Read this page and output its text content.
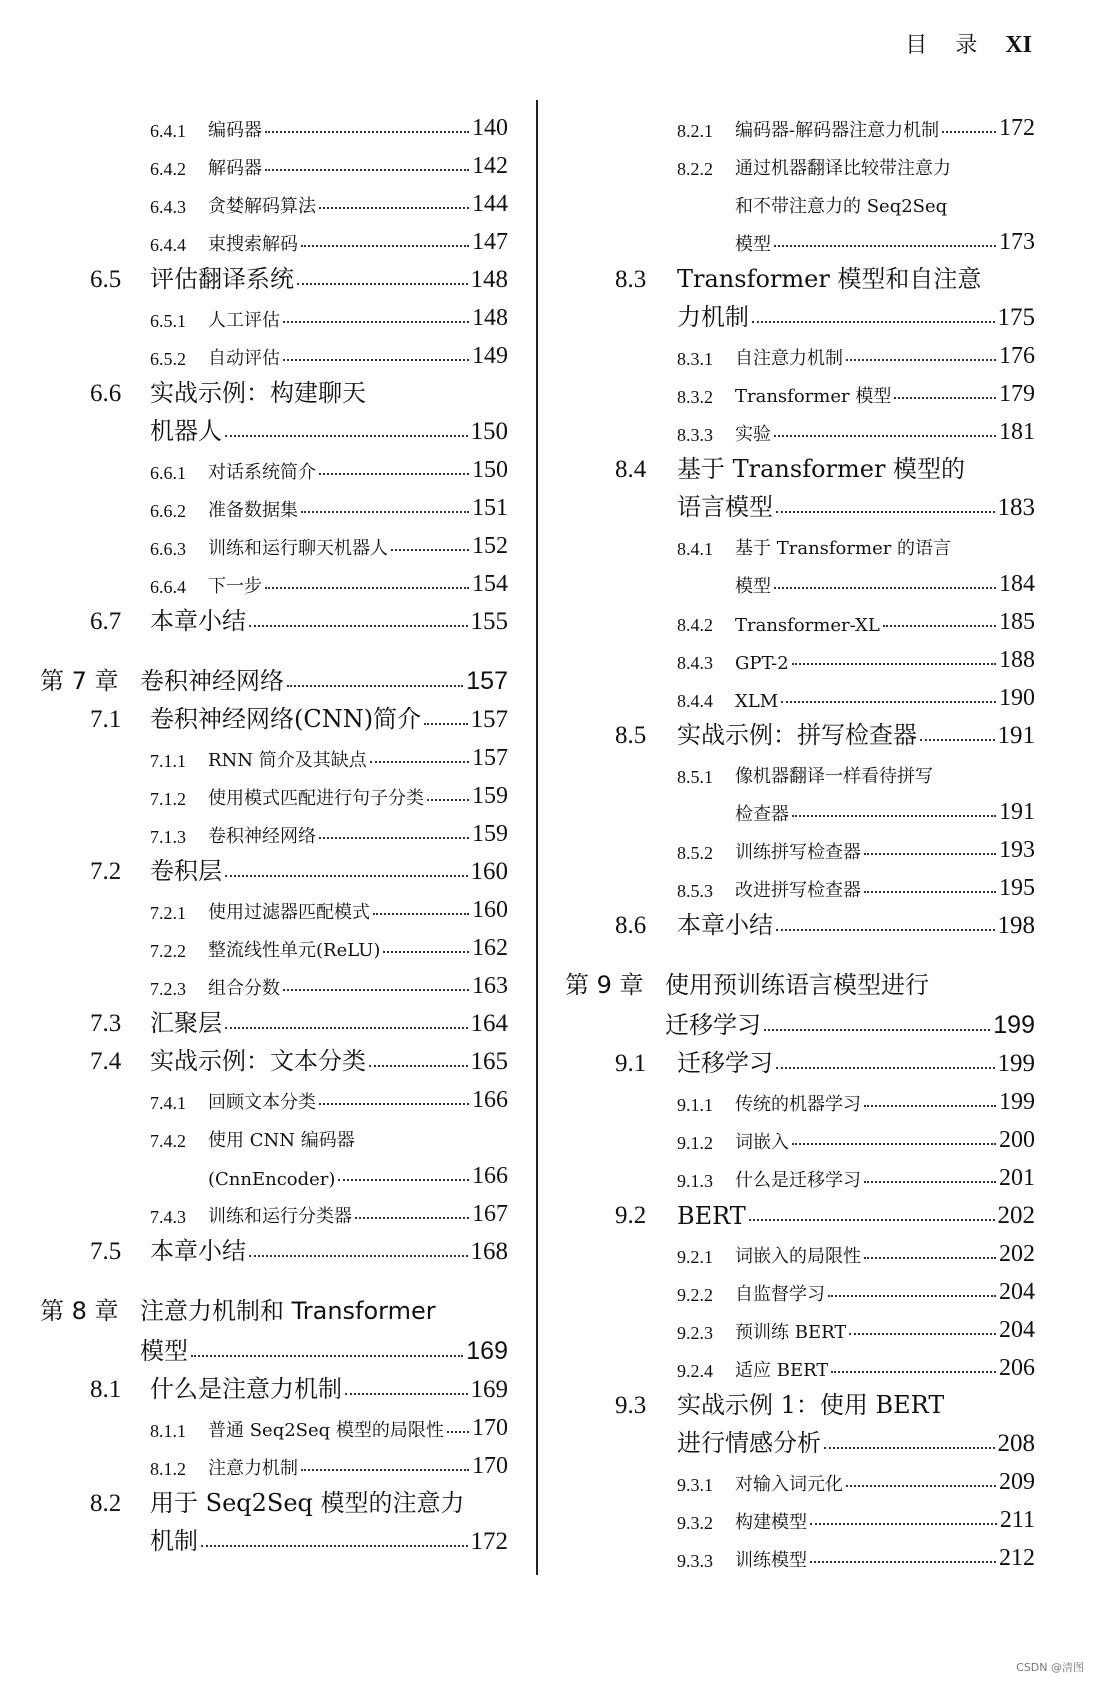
目 录 XI
6.4.1	编码器	140
6.4.2	解码器	142
6.4.3	贪婪解码算法	144
6.4.4	束搜索解码	147
6.5	评估翻译系统	148
6.5.1	人工评估	148
6.5.2	自动评估	149
6.6	实战示例：构建聊天
机器人	150
6.6.1	对话系统简介	150
6.6.2	准备数据集	151
6.6.3	训练和运行聊天机器人	152
6.6.4	下一步	154
6.7	本章小结	155
第 7 章 卷积神经网络	157
7.1	卷积神经网络(CNN)简介 157
7.1.1	RNN 简介及其缺点	157
7.1.2	使用模式匹配进行句子分类 159
7.1.3	卷积神经网络	159
7.2	卷积层	160
7.2.1	使用过滤器匹配模式	160
7.2.2	整流线性单元(ReLU)	162
7.2.3	组合分数	163
7.3	汇聚层	164
7.4	实战示例：文本分类	165
7.4.1	回顾文本分类	166
7.4.2	使用 CNN 编码器
(CnnEncoder)	166
7.4.3	训练和运行分类器	167
7.5	本章小结	168
第 8 章 注意力机制和 Transformer
模型	169
8.1	什么是注意力机制	169
8.1.1	普通 Seq2Seq 模型的局限性 170
8.1.2	注意力机制	170
8.2	用于 Seq2Seq 模型的注意力
机制	172
8.2.1	编码器-解码器注意力机制 172
8.2.2	通过机器翻译比较带注意力
和不带注意力的 Seq2Seq
模型	173
8.3	Transformer 模型和自注意
力机制	175
8.3.1	自注意力机制	176
8.3.2	Transformer 模型	179
8.3.3	实验	181
8.4	基于 Transformer 模型的
语言模型	183
8.4.1	基于 Transformer 的语言
模型	184
8.4.2	Transformer-XL	185
8.4.3	GPT-2	188
8.4.4	XLM	190
8.5	实战示例：拼写检查器	191
8.5.1	像机器翻译一样看待拼写
检查器	191
8.5.2	训练拼写检查器	193
8.5.3	改进拼写检查器	195
8.6	本章小结	198
第 9 章 使用预训练语言模型进行
迁移学习	199
9.1	迁移学习	199
9.1.1	传统的机器学习	199
9.1.2	词嵌入	200
9.1.3	什么是迁移学习	201
9.2	BERT	202
9.2.1	词嵌入的局限性	202
9.2.2	自监督学习	204
9.2.3	预训练 BERT	204
9.2.4	适应 BERT	206
9.3	实战示例 1：使用 BERT
进行情感分析	208
9.3.1	对输入词元化	209
9.3.2	构建模型	211
9.3.3	训练模型	212
CSDN @清图
